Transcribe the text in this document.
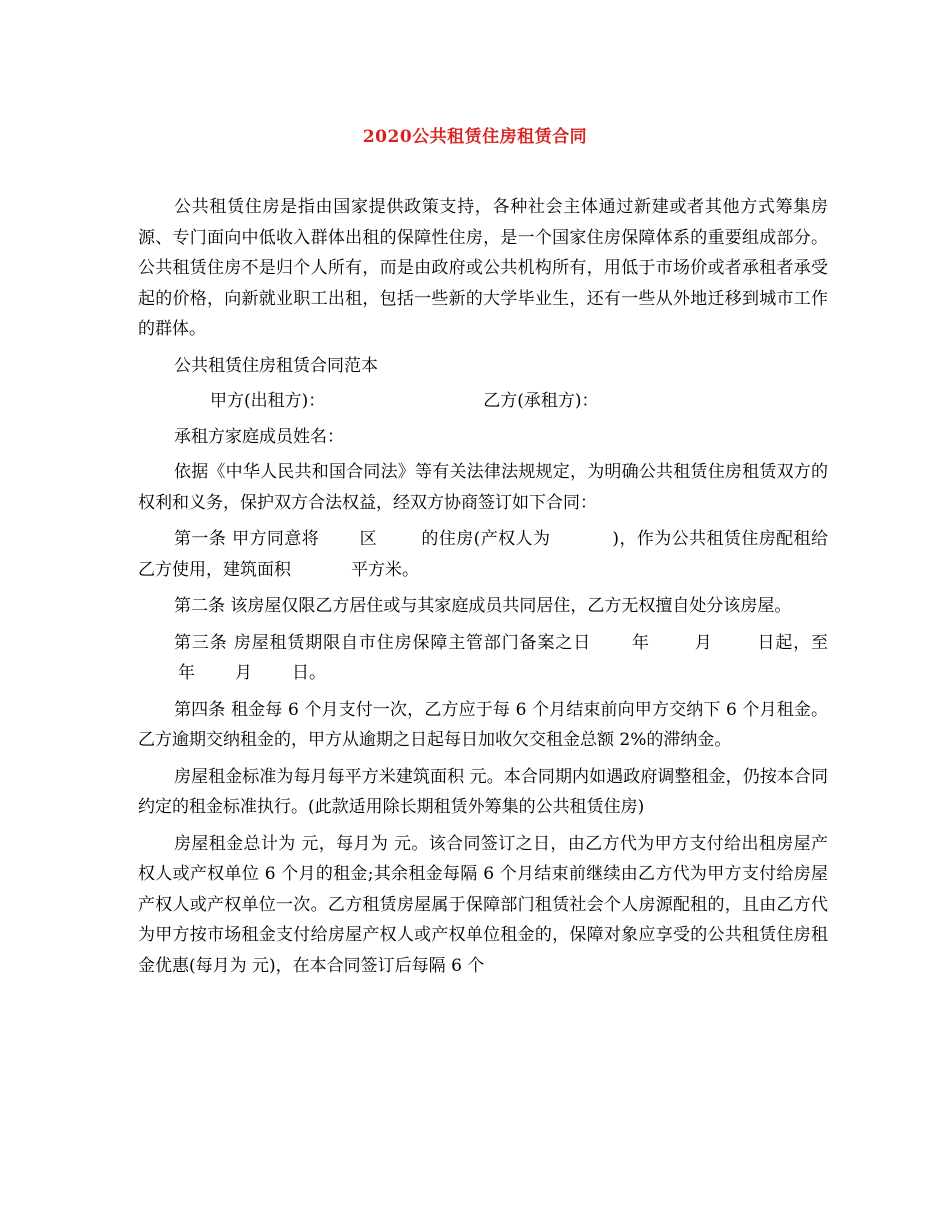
2020公共租赁住房租赁合同

公共租赁住房是指由国家提供政策支持，各种社会主体通过新建或者其他方式筹集房源、专门面向中低收入群体出租的保障性住房，是一个国家住房保障体系的重要组成部分。公共租赁住房不是归个人所有，而是由政府或公共机构所有，用低于市场价或者承租者承受起的价格，向新就业职工出租，包括一些新的大学毕业生，还有一些从外地迁移到城市工作的群体。

公共租赁住房租赁合同范本

甲方(出租方)：	乙方(承租方)：

承租方家庭成员姓名：

依据《中华人民共和国合同法》等有关法律法规规定，为明确公共租赁住房租赁双方的权利和义务，保护双方合法权益，经双方协商签订如下合同：

第一条 甲方同意将 区	的住房(产权人为	)，作为公共租赁住房配租给乙方使用，建筑面积	平方米。

第二条 该房屋仅限乙方居住或与其家庭成员共同居住，乙方无权擅自处分该房屋。

第三条 房屋租赁期限自市住房保障主管部门备案之日 年	月	日起，至年 月 日。

第四条 租金每 6 个月支付一次，乙方应于每 6 个月结束前向甲方交纳下 6 个月租金。乙方逾期交纳租金的，甲方从逾期之日起每日加收欠交租金总额 2%的滞纳金。

房屋租金标准为每月每平方米建筑面积 元。本合同期内如遇政府调整租金，仍按本合同约定的租金标准执行。(此款适用除长期租赁外筹集的公共租赁住房)

房屋租金总计为 元，每月为 元。该合同签订之日，由乙方代为甲方支付给出租房屋产权人或产权单位 6 个月的租金;其余租金每隔 6 个月结束前继续由乙方代为甲方支付给房屋产权人或产权单位一次。乙方租赁房屋属于保障部门租赁社会个人房源配租的，且由乙方代为甲方按市场租金支付给房屋产权人或产权单位租金的，保障对象应享受的公共租赁住房租金优惠(每月为 元)，在本合同签订后每隔 6 个
